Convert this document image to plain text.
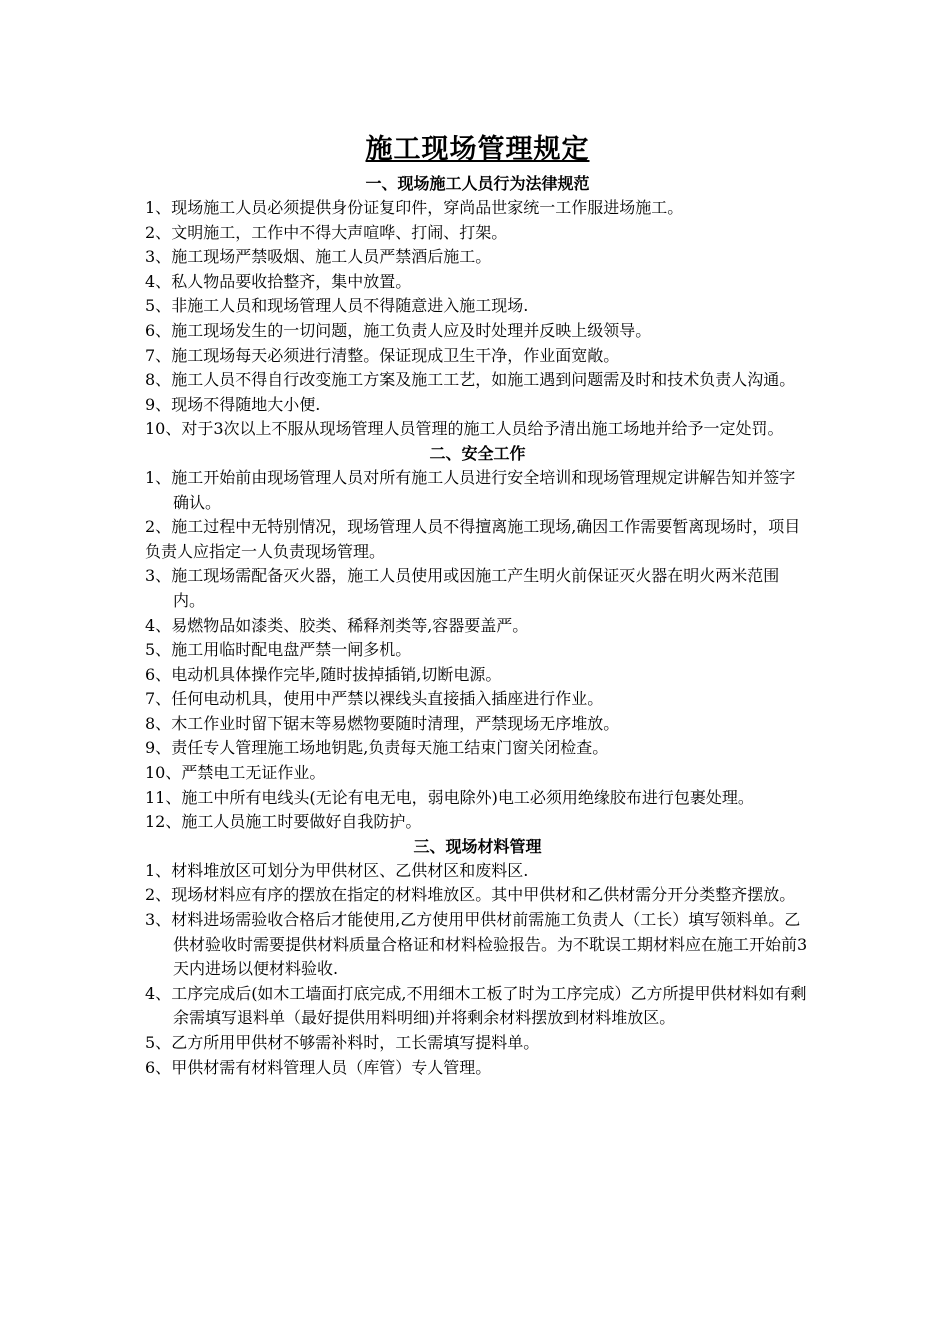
施工现场管理规定
一、现场施工人员行为法律规范
1、现场施工人员必须提供身份证复印件，穿尚品世家统一工作服进场施工。
2、文明施工，工作中不得大声喧哗、打闹、打架。
3、施工现场严禁吸烟、施工人员严禁酒后施工。
4、私人物品要收拾整齐，集中放置。
5、非施工人员和现场管理人员不得随意进入施工现场.
6、施工现场发生的一切问题，施工负责人应及时处理并反映上级领导。
7、施工现场每天必须进行清整。保证现成卫生干净，作业面宽敞。
8、施工人员不得自行改变施工方案及施工工艺，如施工遇到问题需及时和技术负责人沟通。
9、现场不得随地大小便.
10、对于3次以上不服从现场管理人员管理的施工人员给予清出施工场地并给予一定处罚。
二、安全工作
1、施工开始前由现场管理人员对所有施工人员进行安全培训和现场管理规定讲解告知并签字确认。
2、施工过程中无特别情况，现场管理人员不得擅离施工现场,确因工作需要暂离现场时，项目负责人应指定一人负责现场管理。
3、施工现场需配备灭火器，施工人员使用或因施工产生明火前保证灭火器在明火两米范围内。
4、易燃物品如漆类、胶类、稀释剂类等,容器要盖严。
5、施工用临时配电盘严禁一闸多机。
6、电动机具体操作完毕,随时拔掉插销,切断电源。
7、任何电动机具，使用中严禁以裸线头直接插入插座进行作业。
8、木工作业时留下锯末等易燃物要随时清理，严禁现场无序堆放。
9、责任专人管理施工场地钥匙,负责每天施工结束门窗关闭检查。
10、严禁电工无证作业。
11、施工中所有电线头(无论有电无电，弱电除外)电工必须用绝缘胶布进行包裹处理。
12、施工人员施工时要做好自我防护。
三、现场材料管理
1、材料堆放区可划分为甲供材区、乙供材区和废料区.
2、现场材料应有序的摆放在指定的材料堆放区。其中甲供材和乙供材需分开分类整齐摆放。
3、材料进场需验收合格后才能使用,乙方使用甲供材前需施工负责人（工长）填写领料单。乙供材验收时需要提供材料质量合格证和材料检验报告。为不耽误工期材料应在施工开始前3天内进场以便材料验收.
4、工序完成后(如木工墙面打底完成,不用细木工板了时为工序完成）乙方所提甲供材料如有剩余需填写退料单（最好提供用料明细)并将剩余材料摆放到材料堆放区。
5、乙方所用甲供材不够需补料时，工长需填写提料单。
6、甲供材需有材料管理人员（库管）专人管理。
